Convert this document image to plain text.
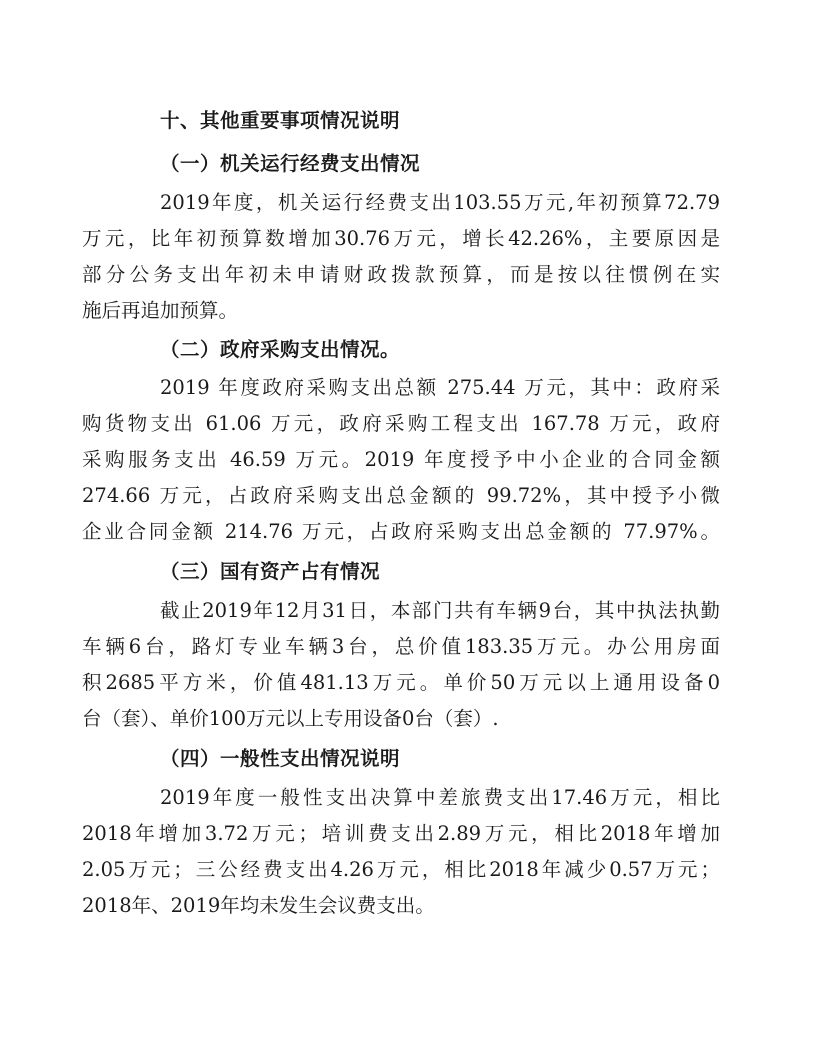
十、其他重要事项情况说明
（一）机关运行经费支出情况
2019年度，机关运行经费支出103.55万元,年初预算72.79
万元，比年初预算数增加30.76万元，增长42.26%，主要原因是
部分公务支出年初未申请财政拨款预算，而是按以往惯例在实
施后再追加预算。
（二）政府采购支出情况。
2019 年度政府采购支出总额 275.44 万元，其中：政府采
购货物支出 61.06 万元，政府采购工程支出 167.78 万元，政府
采购服务支出 46.59 万元。2019 年度授予中小企业的合同金额
274.66 万元，占政府采购支出总金额的 99.72%，其中授予小微
企业合同金额 214.76 万元，占政府采购支出总金额的 77.97%。
（三）国有资产占有情况
截止2019年12月31日，本部门共有车辆9台，其中执法执勤
车辆6台，路灯专业车辆3台，总价值183.35万元。办公用房面
积2685平方米，价值481.13万元。单价50万元以上通用设备0
台（套）、单价100万元以上专用设备0台（套）.
（四）一般性支出情况说明
2019年度一般性支出决算中差旅费支出17.46万元，相比
2018年增加3.72万元；培训费支出2.89万元，相比2018年增加
2.05万元；三公经费支出4.26万元，相比2018年减少0.57万元；
2018年、2019年均未发生会议费支出。
